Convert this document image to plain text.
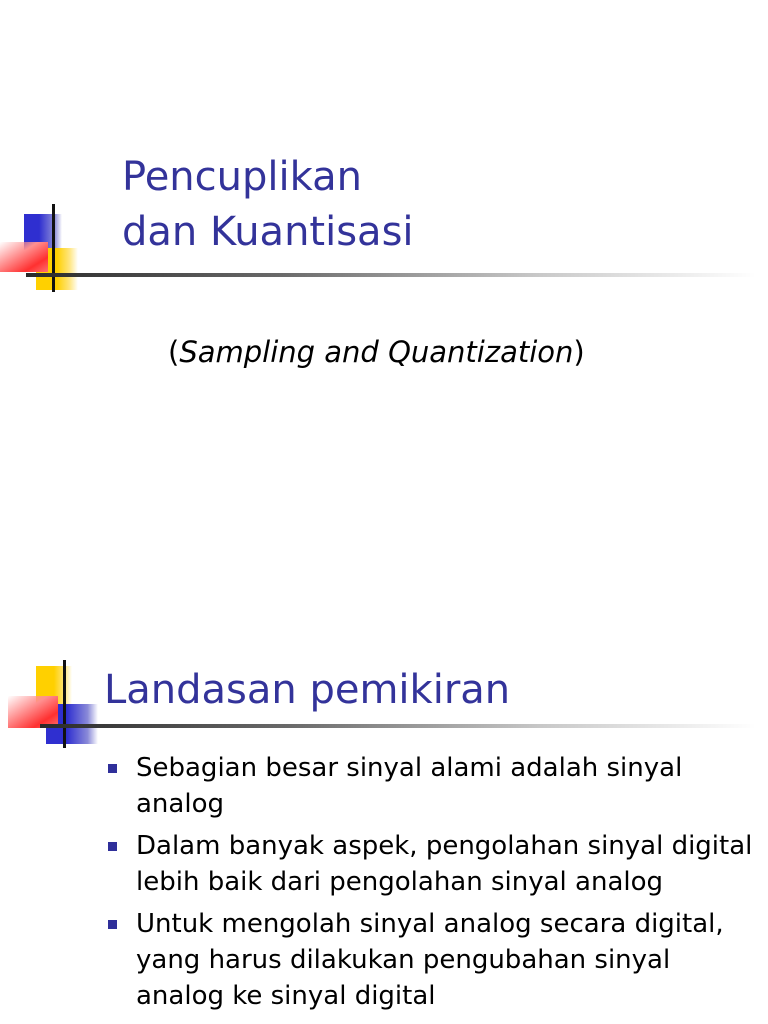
Pencuplikan
dan Kuantisasi

(Sampling and Quantization)

Landasan pemikiran
Sebagian besar sinyal alami adalah sinyal analog
Dalam banyak aspek, pengolahan sinyal digital lebih baik dari pengolahan sinyal analog
Untuk mengolah sinyal analog secara digital, yang harus dilakukan pengubahan sinyal analog ke sinyal digital
